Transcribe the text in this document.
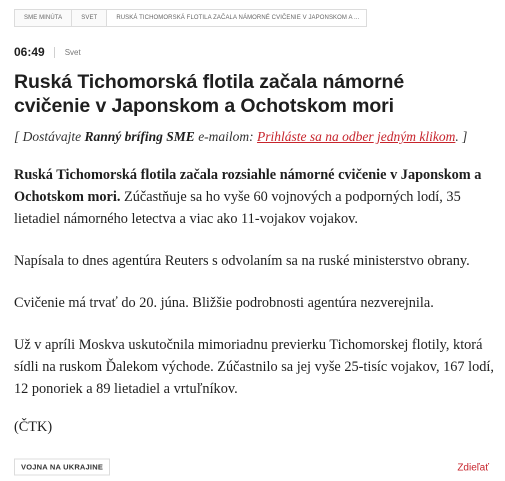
SME MINÚTA	SVET	RUSKÁ TICHOMORSKÁ FLOTILA ZAČALA NÁMORNÉ CVIČENIE V JAPONSKOM A ...
06:49	Svet
Ruská Tichomorská flotila začala námorné cvičenie v Japonskom a Ochotskom mori
[ Dostávajte Ranný brífing SME e-mailom: Prihláste sa na odber jedným klikom. ]

Ruská Tichomorská flotila začala rozsiahle námorné cvičenie v Japonskom a Ochotskom mori. Zúčastňuje sa ho vyše 60 vojnových a podporných lodí, 35 lietadiel námorného letectva a viac ako 11-vojakov vojakov.

Napísala to dnes agentúra Reuters s odvolaním sa na ruské ministerstvo obrany.

Cvičenie má trvať do 20. júna. Bližšie podrobnosti agentúra nezverejnila.

Už v apríli Moskva uskutočnila mimoriadnu previerku Tichomorskej flotily, ktorá sídli na ruskom Ďalekom východe. Zúčastnilo sa jej vyše 25-tisíc vojakov, 167 lodí, 12 ponoriek a 89 lietadiel a vrtuľníkov.

(ČTK)

VOJNA NA UKRAJINE	Zdieľať
